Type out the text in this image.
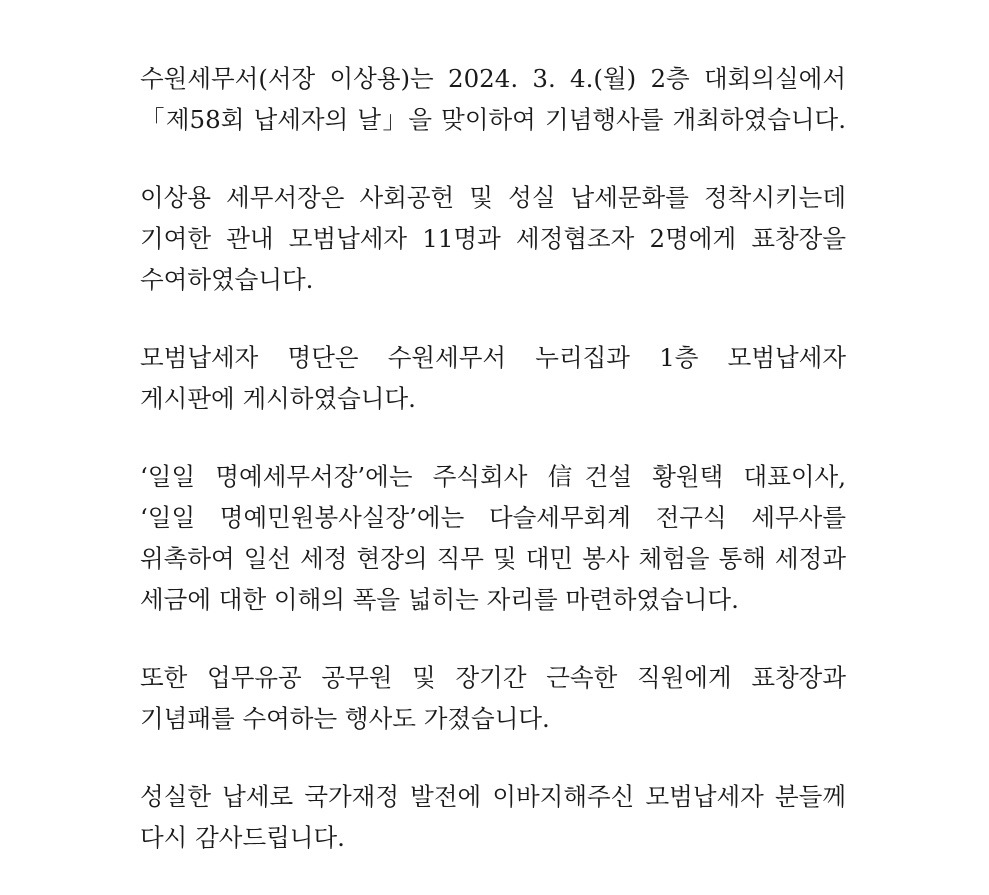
수원세무서(서장 이상용)는 2024. 3. 4.(월) 2층 대회의실에서
「제58회 납세자의 날」을 맞이하여 기념행사를 개최하였습니다.
이상용 세무서장은 사회공헌 및 성실 납세문화를 정착시키는데
기여한 관내 모범납세자 11명과 세정협조자 2명에게 표창장을
수여하였습니다.
모범납세자 명단은 수원세무서 누리집과 1층 모범납세자
게시판에 게시하였습니다.
‘일일 명예세무서장’에는 주식회사 信건설 황원택 대표이사,
‘일일 명예민원봉사실장’에는 다슬세무회계 전구식 세무사를
위촉하여 일선 세정 현장의 직무 및 대민 봉사 체험을 통해 세정과
세금에 대한 이해의 폭을 넓히는 자리를 마련하였습니다.
또한 업무유공 공무원 및 장기간 근속한 직원에게 표창장과
기념패를 수여하는 행사도 가졌습니다.
성실한 납세로 국가재정 발전에 이바지해주신 모범납세자 분들께
다시 감사드립니다.
